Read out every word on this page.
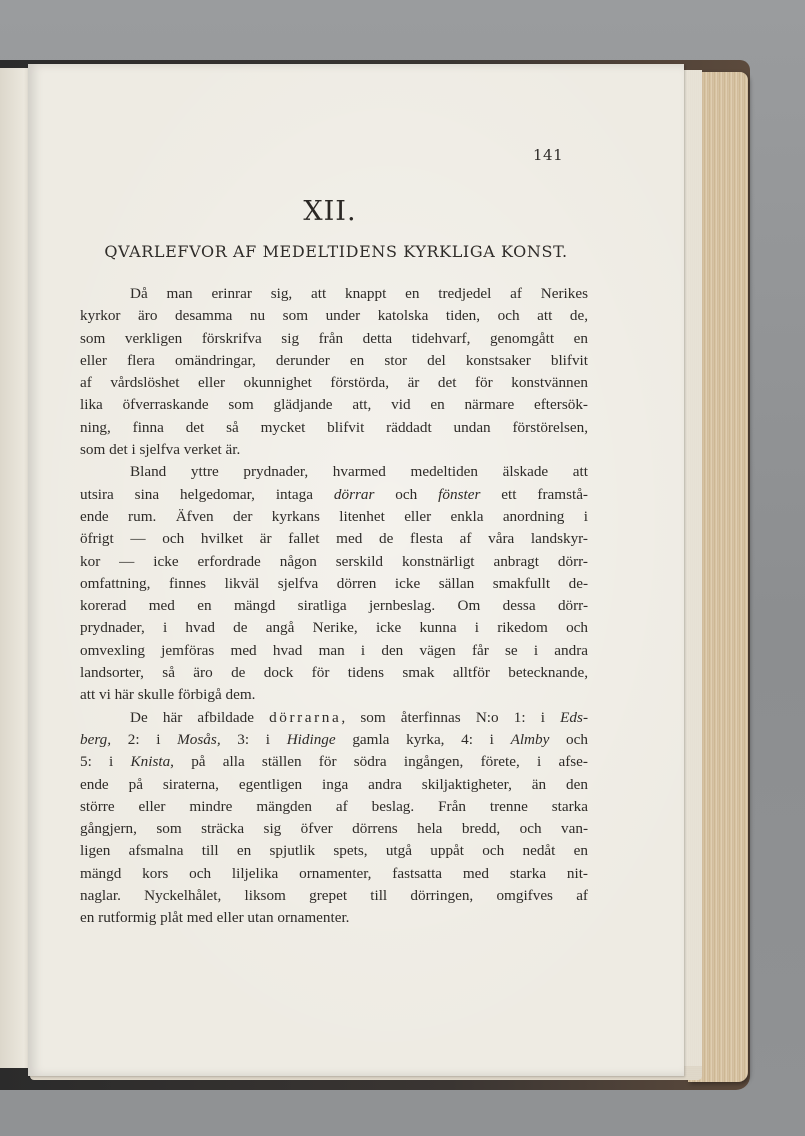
141
XII.
QVARLEFVOR AF MEDELTIDENS KYRKLIGA KONST.
Då man erinrar sig, att knappt en tredjedel af Nerikes
kyrkor äro desamma nu som under katolska tiden, och att de,
som verkligen förskrifva sig från detta tidehvarf, genomgått en
eller flera omändringar, derunder en stor del konstsaker blifvit
af vårdslöshet eller okunnighet förstörda, är det för konstvännen
lika öfverraskande som glädjande att, vid en närmare eftersök-
ning, finna det så mycket blifvit räddadt undan förstörelsen,
som det i sjelfva verket är.
Bland yttre prydnader, hvarmed medeltiden älskade att
utsira sina helgedomar, intaga dörrar och fönster ett framstå-
ende rum. Äfven der kyrkans litenhet eller enkla anordning i
öfrigt — och hvilket är fallet med de flesta af våra landskyr-
kor — icke erfordrade någon serskild konstnärligt anbragt dörr-
omfattning, finnes likväl sjelfva dörren icke sällan smakfullt de-
korerad med en mängd siratliga jernbeslag. Om dessa dörr-
prydnader, i hvad de angå Nerike, icke kunna i rikedom och
omvexling jemföras med hvad man i den vägen får se i andra
landsorter, så äro de dock för tidens smak alltför betecknande,
att vi här skulle förbigå dem.
De här afbildade dörrarna, som återfinnas N:o 1: i Eds-
berg, 2: i Mosås, 3: i Hidinge gamla kyrka, 4: i Almby och
5: i Knista, på alla ställen för södra ingången, förete, i afse-
ende på siraterna, egentligen inga andra skiljaktigheter, än den
större eller mindre mängden af beslag. Från trenne starka
gångjern, som sträcka sig öfver dörrens hela bredd, och van-
ligen afsmalna till en spjutlik spets, utgå uppåt och nedåt en
mängd kors och liljelika ornamenter, fastsatta med starka nit-
naglar. Nyckelhålet, liksom grepet till dörringen, omgifves af
en rutformig plåt med eller utan ornamenter.
